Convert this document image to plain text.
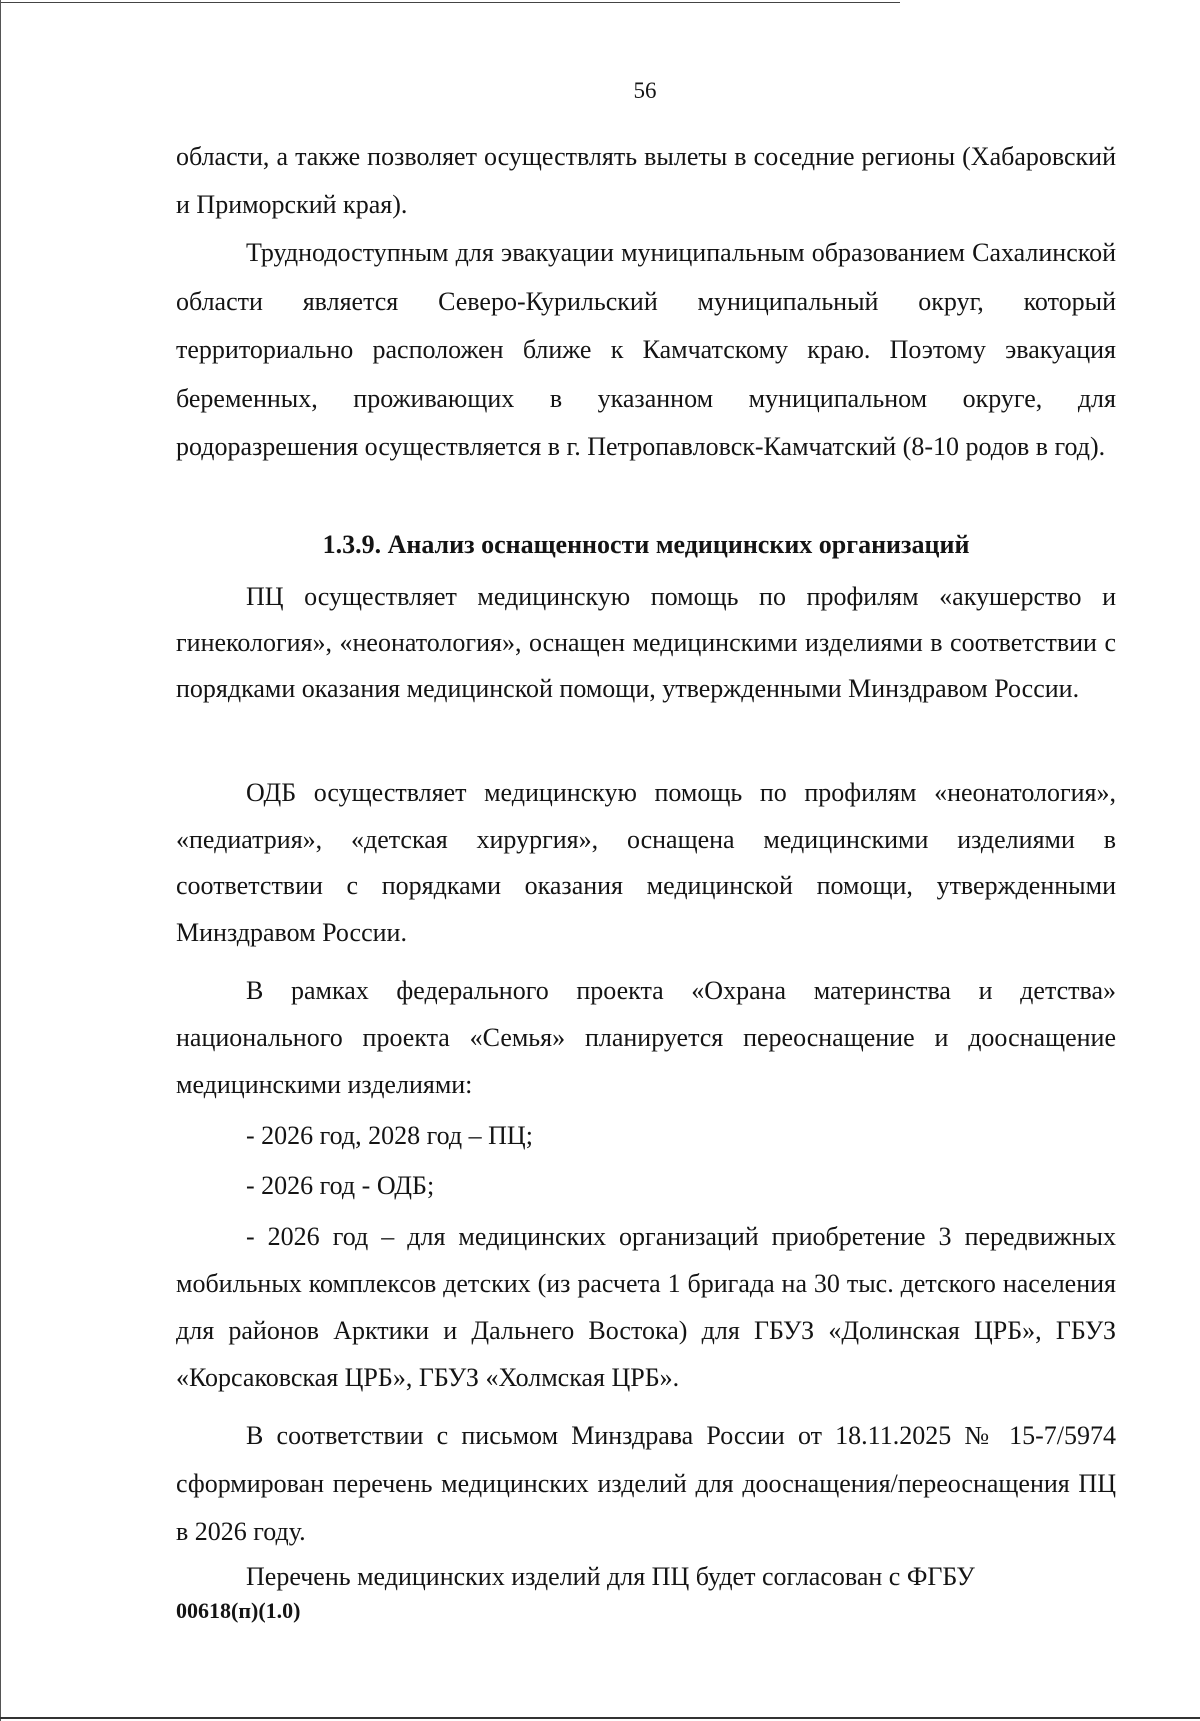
56

области, а также позволяет осуществлять вылеты в соседние регионы (Хабаровский и Приморский края).

Труднодоступным для эвакуации муниципальным образованием Сахалинской области является Северо-Курильский муниципальный округ, который территориально расположен ближе к Камчатскому краю. Поэтому эвакуация беременных, проживающих в указанном муниципальном округе, для родоразрешения осуществляется в г. Петропавловск-Камчатский (8-10 родов в год).

1.3.9. Анализ оснащенности медицинских организаций

ПЦ осуществляет медицинскую помощь по профилям «акушерство и гинекология», «неонатология», оснащен медицинскими изделиями в соответствии с порядками оказания медицинской помощи, утвержденными Минздравом России.

ОДБ осуществляет медицинскую помощь по профилям «неонатология», «педиатрия», «детская хирургия», оснащена медицинскими изделиями в соответствии с порядками оказания медицинской помощи, утвержденными Минздравом России.

В рамках федерального проекта «Охрана материнства и детства» национального проекта «Семья» планируется переоснащение и дооснащение медицинскими изделиями:

- 2026 год, 2028 год – ПЦ;

- 2026 год - ОДБ;

- 2026 год – для медицинских организаций приобретение 3 передвижных мобильных комплексов детских (из расчета 1 бригада на 30 тыс. детского населения для районов Арктики и Дальнего Востока) для ГБУЗ «Долинская ЦРБ», ГБУЗ «Корсаковская ЦРБ», ГБУЗ «Холмская ЦРБ».

В соответствии с письмом Минздрава России от 18.11.2025 № 15-7/5974 сформирован перечень медицинских изделий для дооснащения/переоснащения ПЦ в 2026 году.

Перечень медицинских изделий для ПЦ будет согласован с ФГБУ

00618(п)(1.0)
